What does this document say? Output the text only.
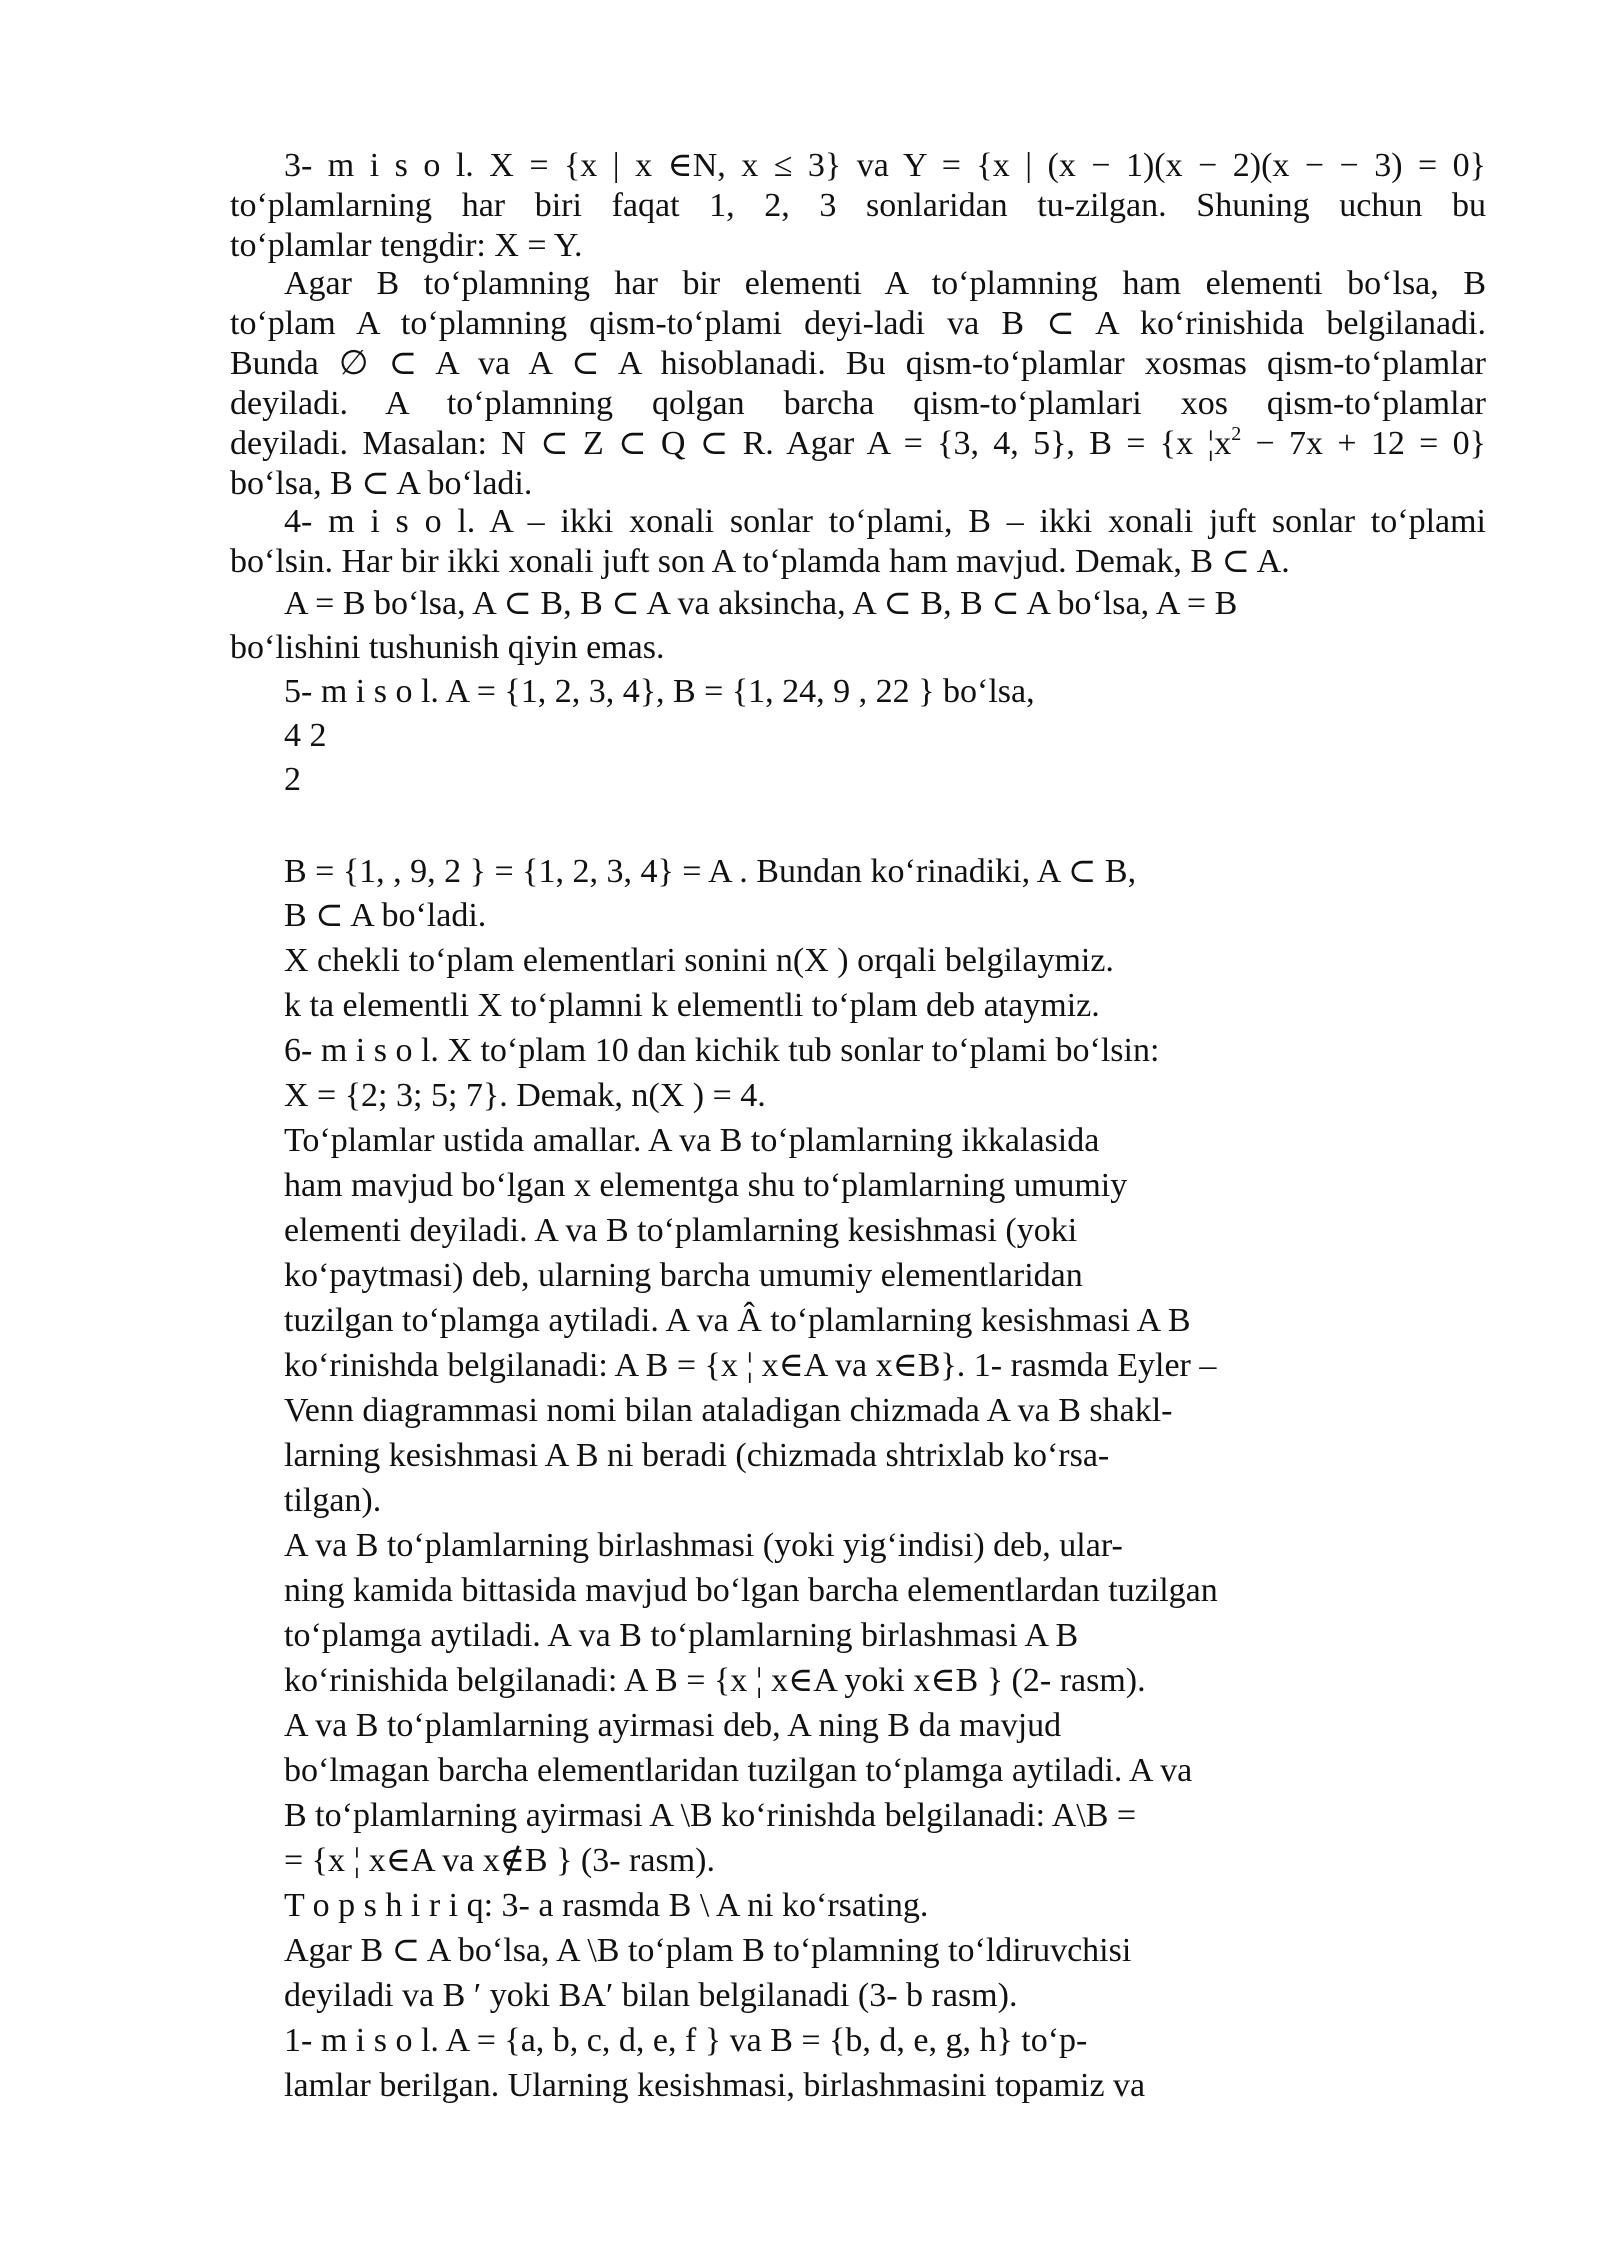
3- m i s o l. X = {x | x ∈N, x ≤ 3} va Y = {x | (x − 1)(x − 2)(x − − 3) = 0}
to‘plamlarning har biri faqat 1, 2, 3 sonlaridan tu-zilgan. Shuning uchun bu
to‘plamlar tengdir: X = Y.

Agar B to‘plamning har bir elementi A to‘plamning ham elementi bo‘lsa, B
to‘plam A to‘plamning qism-to‘plami deyi-ladi va B ⊂ A ko‘rinishida belgilanadi.
Bunda ∅ ⊂ A va A ⊂ A hisoblanadi. Bu qism-to‘plamlar xosmas qism-to‘plamlar
deyiladi. A to‘plamning qolgan barcha qism-to‘plamlari xos qism-to‘plamlar
deyiladi. Masalan: N ⊂ Z ⊂ Q ⊂ R. Agar A = {3, 4, 5}, B = {x $¦x^2 - 7x + 12 = 0$}
bo‘lsa, B ⊂ A bo‘ladi.

4- m i s o l. A – ikki xonali sonlar to‘plami, B – ikki xonali juft sonlar to‘plami
bo‘lsin. Har bir ikki xonali juft son A to‘plamda ham mavjud. Demak, B ⊂ A.

A = B bo‘lsa, A ⊂ B, B ⊂ A va aksincha, A ⊂ B, B ⊂ A bo‘lsa, A = B
bo‘lishini tushunish qiyin emas.

5- m i s o l. A = {1, 2, 3, 4}, B = {1, 24, 9 , 22 } bo‘lsa,
4 2
2
B = {1, , 9, 2 } = {1, 2, 3, 4} = A . Bundan ko‘rinadiki, A ⊂ B,
B ⊂ A bo‘ladi.
X chekli to‘plam elementlari sonini n(X ) orqali belgilaymiz.
k ta elementli X to‘plamni k elementli to‘plam deb ataymiz.
6- m i s o l. X to‘plam 10 dan kichik tub sonlar to‘plami bo‘lsin:
X = {2; 3; 5; 7}. Demak, n(X ) = 4.
To‘plamlar ustida amallar. A va B to‘plamlarning ikkalasida
ham mavjud bo‘lgan x elementga shu to‘plamlarning umumiy
elementi deyiladi. A va B to‘plamlarning kesishmasi (yoki
ko‘paytmasi) deb, ularning barcha umumiy elementlaridan
tuzilgan to‘plamga aytiladi. A va Â to‘plamlarning kesishmasi A B
ko‘rinishda belgilanadi: A B = {x ¦ x∈A va x∈B}. 1- rasmda Eyler –
Venn diagrammasi nomi bilan ataladigan chizmada A va B shakl-
larning kesishmasi A B ni beradi (chizmada shtrixlab ko‘rsa-
tilgan).
A va B to‘plamlarning birlashmasi (yoki yig‘indisi) deb, ular-
ning kamida bittasida mavjud bo‘lgan barcha elementlardan tuzilgan
to‘plamga aytiladi. A va B to‘plamlarning birlashmasi A B
ko‘rinishida belgilanadi: A B = {x ¦ x∈A yoki x∈B } (2- rasm).
A va B to‘plamlarning ayirmasi deb, A ning B da mavjud
bo‘lmagan barcha elementlaridan tuzilgan to‘plamga aytiladi. A va
B to‘plamlarning ayirmasi A \B ko‘rinishda belgilanadi: A\B =
= {x ¦ x∈A va x∉B } (3- rasm).
T o p s h i r i q: 3- a rasmda B \ A ni ko‘rsating.
Agar B ⊂ A bo‘lsa, A \B to‘plam B to‘plamning to‘ldiruvchisi
deyiladi va B ′ yoki BA′ bilan belgilanadi (3- b rasm).
1- m i s o l. A = {a, b, c, d, e, f } va B = {b, d, e, g, h} to‘p-
lamlar berilgan. Ularning kesishmasi, birlashmasini topamiz va
